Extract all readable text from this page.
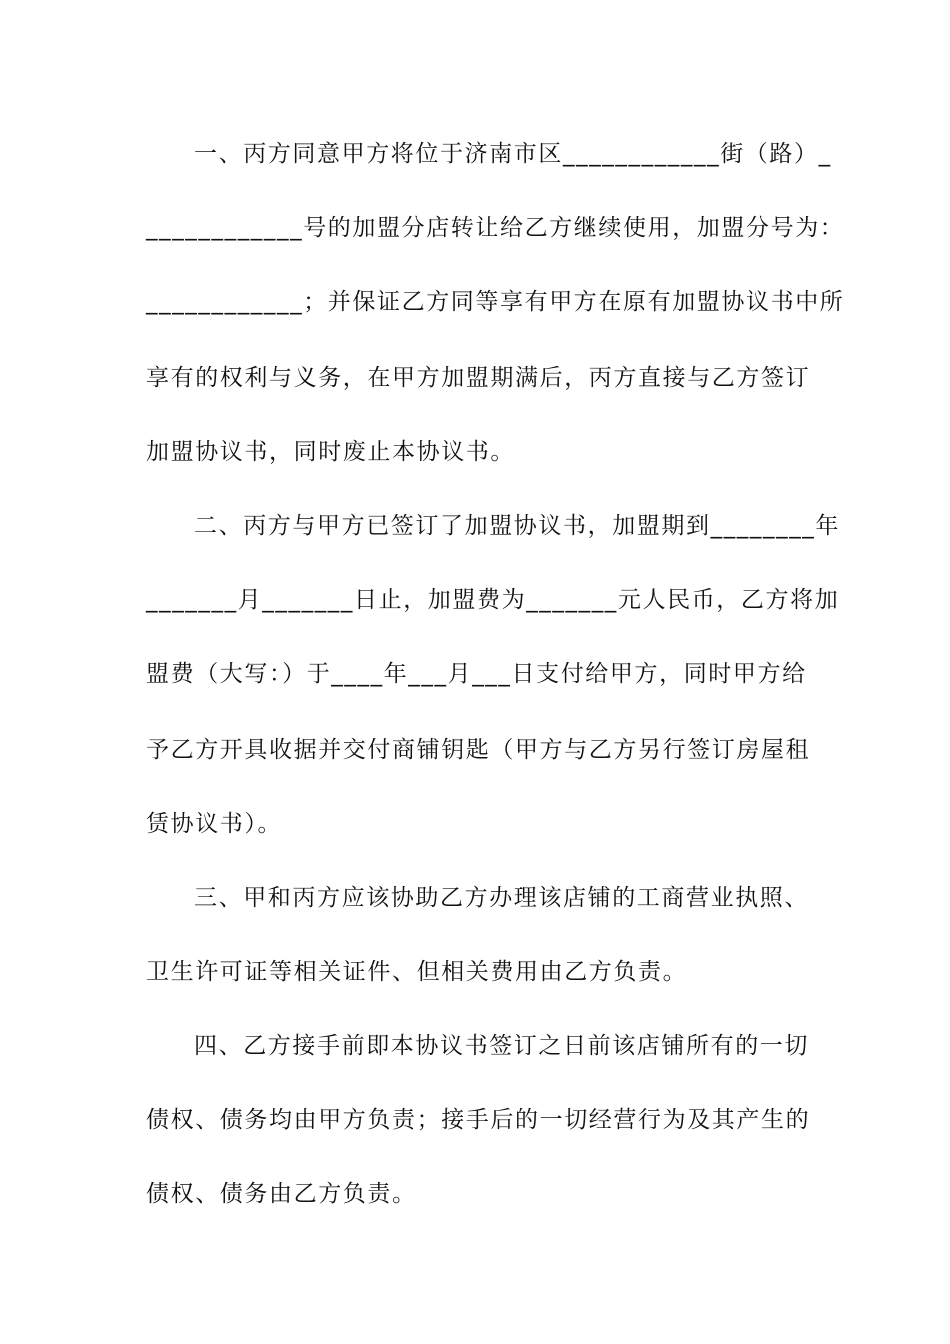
一、丙方同意甲方将位于济南市区____________街（路）_
____________号的加盟分店转让给乙方继续使用，加盟分号为：
____________；并保证乙方同等享有甲方在原有加盟协议书中所
享有的权利与义务，在甲方加盟期满后，丙方直接与乙方签订
加盟协议书，同时废止本协议书。
二、丙方与甲方已签订了加盟协议书，加盟期到________年
_______月_______日止，加盟费为_______元人民币，乙方将加
盟费（大写：）于____年___月___日支付给甲方，同时甲方给
予乙方开具收据并交付商铺钥匙（甲方与乙方另行签订房屋租
赁协议书）。
三、甲和丙方应该协助乙方办理该店铺的工商营业执照、
卫生许可证等相关证件、但相关费用由乙方负责。
四、乙方接手前即本协议书签订之日前该店铺所有的一切
债权、债务均由甲方负责；接手后的一切经营行为及其产生的
债权、债务由乙方负责。
